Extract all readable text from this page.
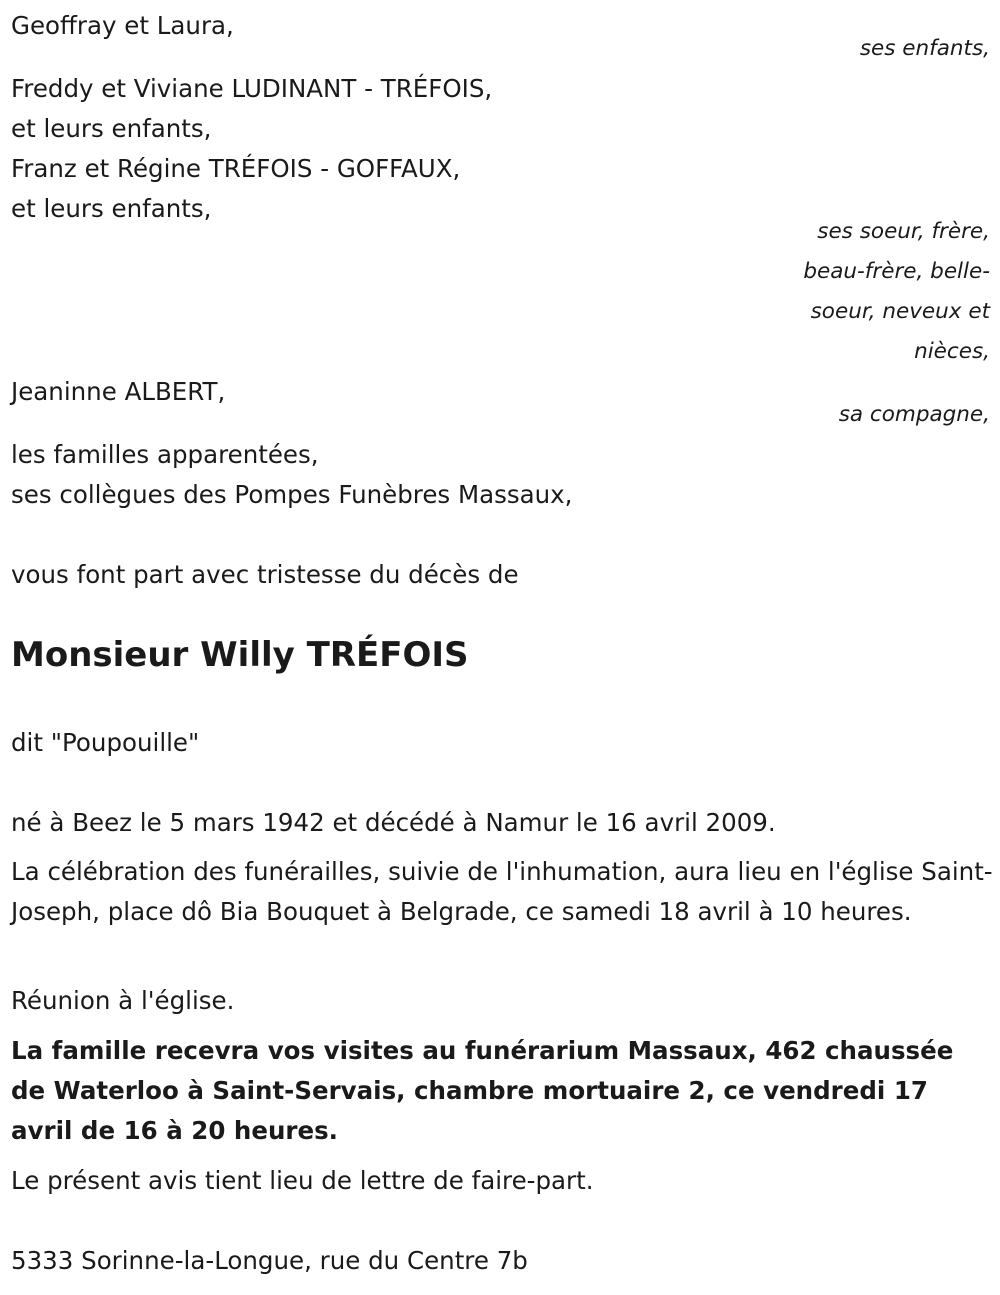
Geoffray et Laura,

ses enfants,

Freddy et Viviane LUDINANT - TRÉFOIS,

et leurs enfants,

Franz et Régine TRÉFOIS - GOFFAUX,

et leurs enfants,

ses soeur, frère,

beau-frère, belle-

soeur, neveux et

nièces,

Jeaninne ALBERT,

sa compagne,

les familles apparentées,

ses collègues des Pompes Funèbres Massaux,

vous font part avec tristesse du décès de

Monsieur Willy TRÉFOIS

dit "Poupouille"

né à Beez le 5 mars 1942 et décédé à Namur le 16 avril 2009.

La célébration des funérailles, suivie de l'inhumation, aura lieu en l'église Saint-Joseph, place dô Bia Bouquet à Belgrade, ce samedi 18 avril à 10 heures.

Réunion à l'église.

La famille recevra vos visites au funérarium Massaux, 462 chaussée de Waterloo à Saint-Servais, chambre mortuaire 2, ce vendredi 17 avril de 16 à 20 heures.

Le présent avis tient lieu de lettre de faire-part.

5333 Sorinne-la-Longue, rue du Centre 7b
